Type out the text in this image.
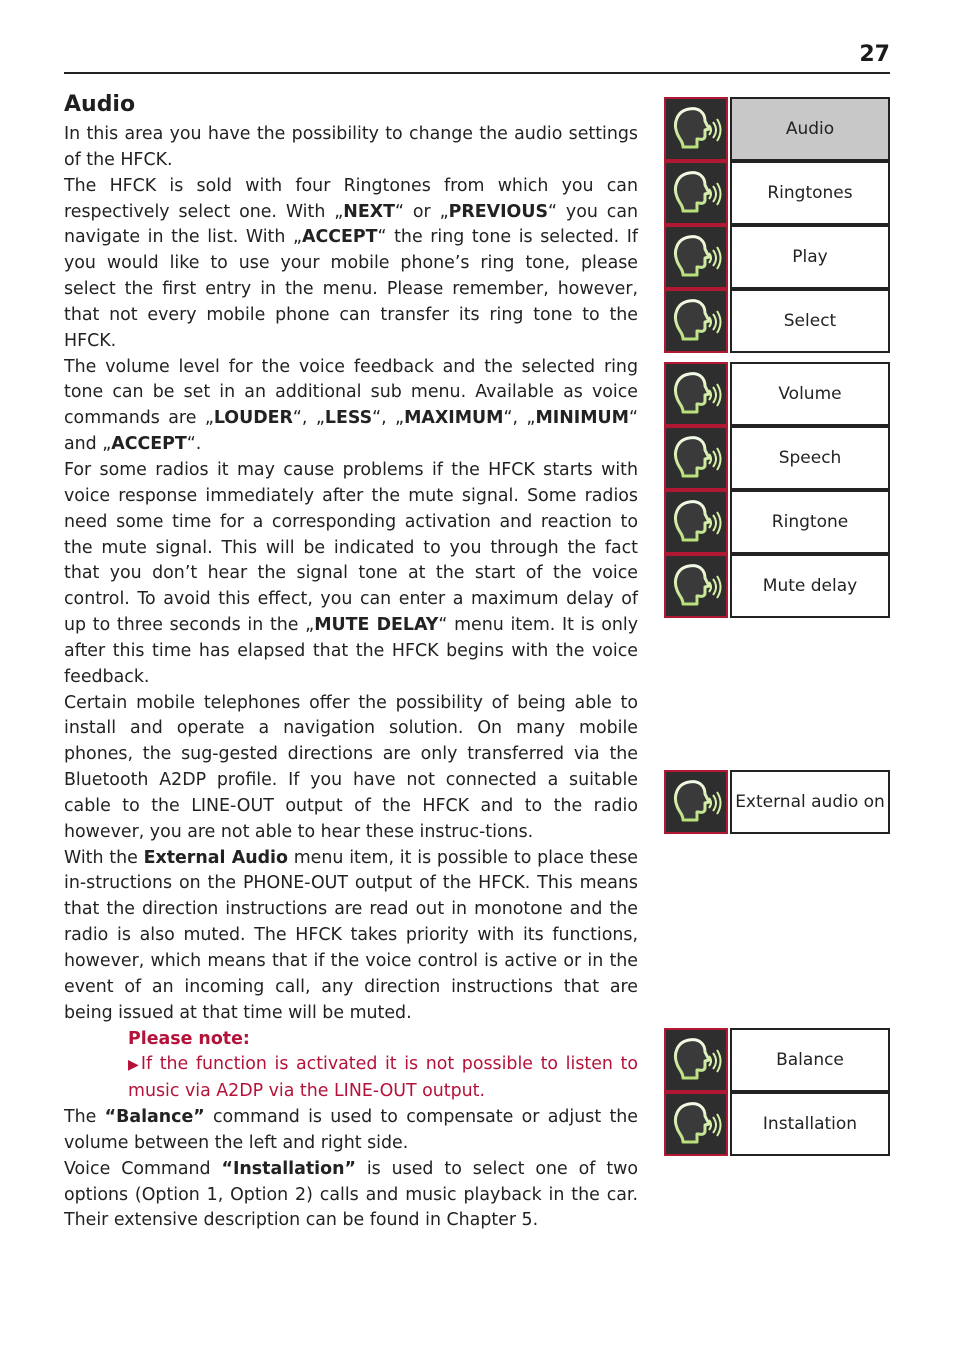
27
Audio

In this area you have the possibility to change the audio settings of the HFCK.

The HFCK is sold with four Ringtones from which you can respectively select one. With „NEXT“ or „PREVIOUS“ you can navigate in the list. With „ACCEPT“ the ring tone is selected. If you would like to use your mobile phone’s ring tone, please select the first entry in the menu. Please remember, however, that not every mobile phone can transfer its ring tone to the HFCK.

The volume level for the voice feedback and the selected ring tone can be set in an additional sub menu. Available as voice commands are „LOUDER“, „LESS“, „MAXIMUM“, „MINIMUM“ and „ACCEPT“.

For some radios it may cause problems if the HFCK starts with voice response immediately after the mute signal. Some radios need some time for a corresponding activation and reaction to the mute signal. This will be indicated to you through the fact that you don’t hear the signal tone at the start of the voice control. To avoid this effect, you can enter a maximum delay of up to three seconds in the „MUTE DELAY“ menu item. It is only after this time has elapsed that the HFCK begins with the voice feedback.

Certain mobile telephones offer the possibility of being able to install and operate a navigation solution. On many mobile phones, the sug-gested directions are only transferred via the Bluetooth A2DP profile. If you have not connected a suitable cable to the LINE-OUT output of the HFCK and to the radio however, you are not able to hear these instruc-tions.

With the External Audio menu item, it is possible to place these in-structions on the PHONE-OUT output of the HFCK. This means that the direction instructions are read out in monotone and the radio is also muted. The HFCK takes priority with its functions, however, which means that if the voice control is active or in the event of an incoming call, any direction instructions that are being issued at that time will be muted.

Please note:

▶If the function is activated it is not possible to listen to music via A2DP via the LINE-OUT output.

The “Balance” command is used to compensate or adjust the volume between the left and right side.

Voice Command “Installation” is used to select one of two options (Option 1, Option 2) calls and music playback in the car. Their extensive description can be found in Chapter 5.

Audio
Ringtones
Play
Select
Volume
Speech
Ringtone
Mute delay
External audio on
Balance
Installation
